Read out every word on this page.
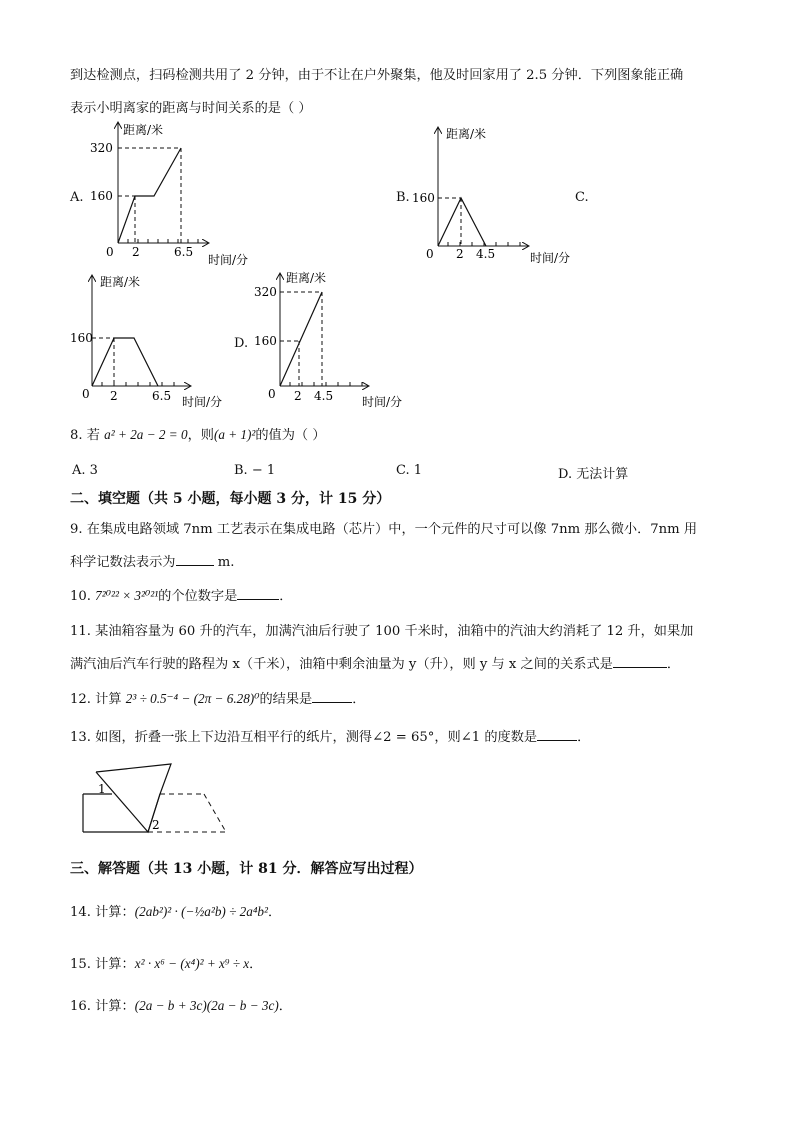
到达检测点，扫码检测共用了 2 分钟，由于不让在户外聚集，他及时回家用了 2.5 分钟．下列图象能正确
表示小明离家的距离与时间关系的是（ ）
A.
距离/米
320
160
0 2	6.5
时间/分
B.
距离/米
160
0 2 4.5	时间/分
C.
距离/米
160
0 2	6.5 时间/分
D.
距离/米
320
160
0 2 4.5 时间/分
8. 若 a² + 2a − 2 = 0，则(a + 1)²的值为（ ）
A. 3	B. − 1	C. 1	D. 无法计算
二、填空题（共 5 小题，每小题 3 分，计 15 分）
9. 在集成电路领域 7nm 工艺表示在集成电路（芯片）中，一个元件的尺寸可以像 7nm 那么微小．7nm 用
科学记数法表示为	m.
10. 7²⁰²² × 3²⁰²¹的个位数字是	．
11. 某油箱容量为 60 升的汽车，加满汽油后行驶了 100 千米时，油箱中的汽油大约消耗了 12 升，如果加
满汽油后汽车行驶的路程为 x（千米），油箱中剩余油量为 y（升），则 y 与 x 之间的关系式是	．
12. 计算 2³ ÷ 0.5⁻⁴ − (2π − 6.28)⁰的结果是	．
13. 如图，折叠一张上下边沿互相平行的纸片，测得∠2 = 65°，则∠1 的度数是	．
1
2
三、解答题（共 13 小题，计 81 分．解答应写出过程）
14. 计算：(2ab²)² · (−½a²b) ÷ 2a⁴b²．
15. 计算：x² · x⁶ − (x⁴)² + x⁹ ÷ x．
16. 计算：(2a − b + 3c)(2a − b − 3c)．
